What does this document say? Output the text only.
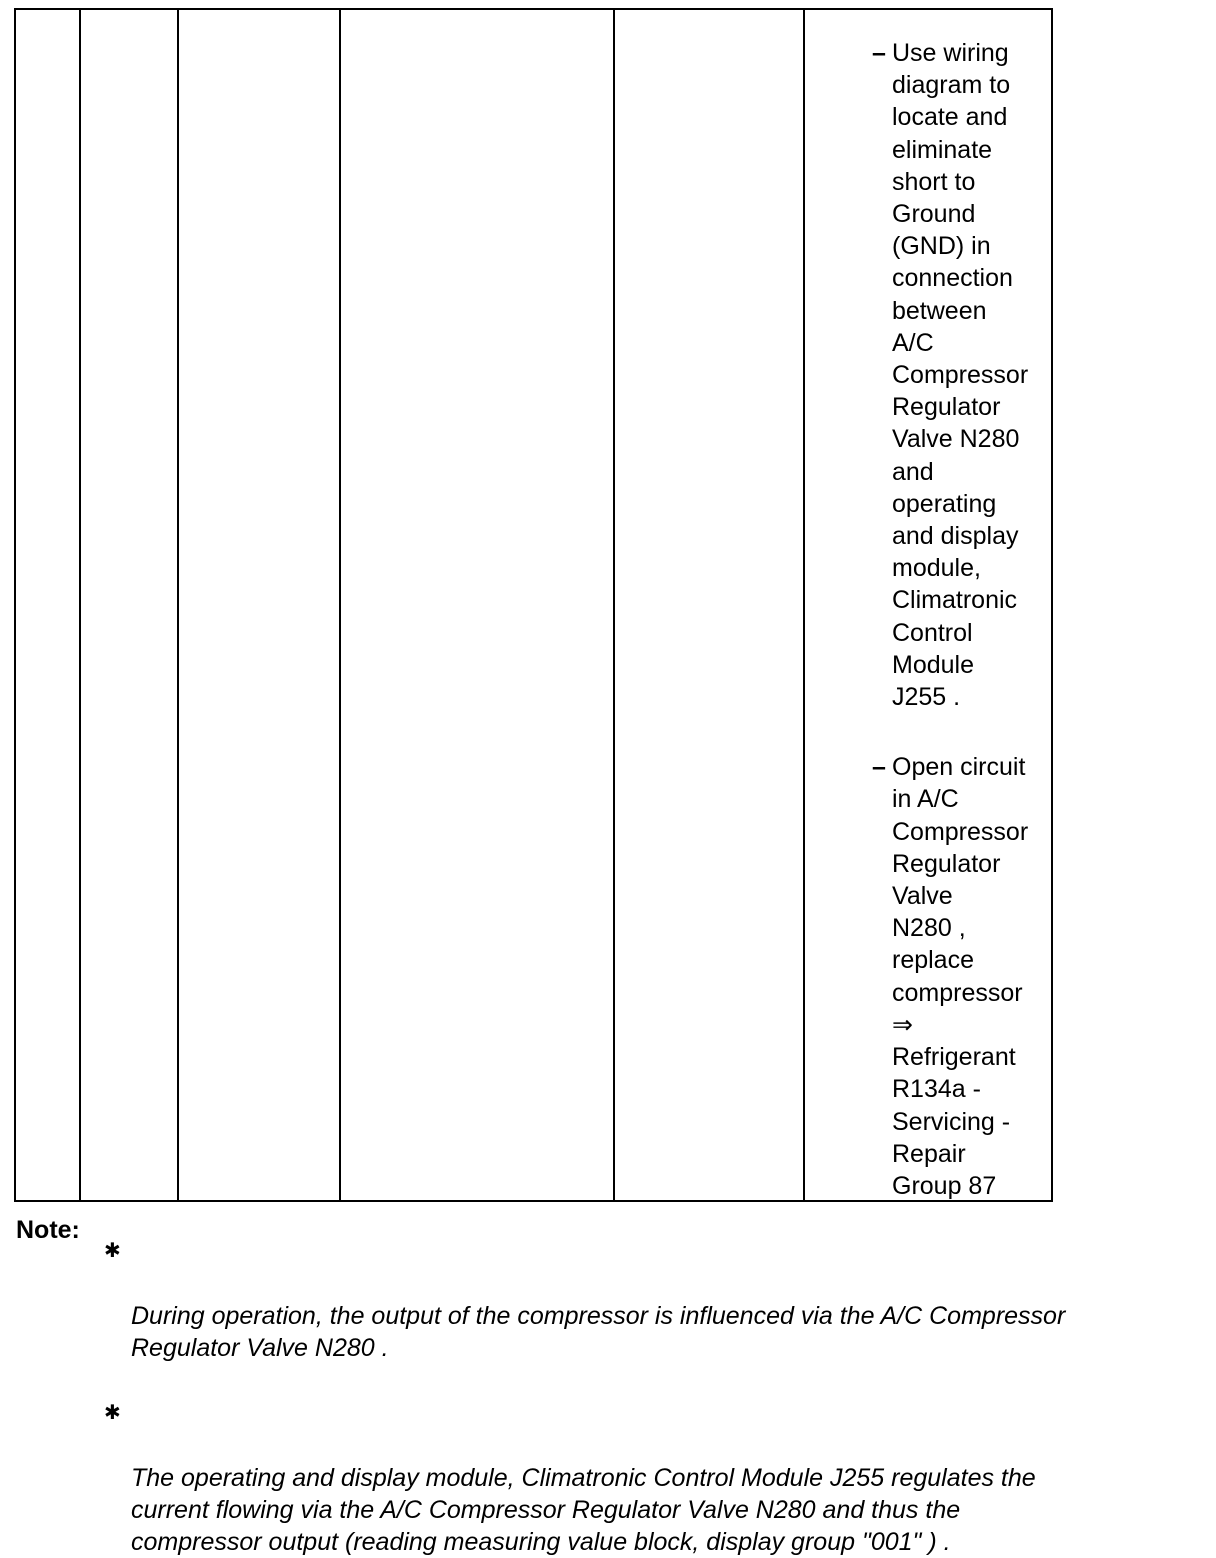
– Use wiring
diagram to
locate and
eliminate
short to
Ground
(GND) in
connection
between
A/C
Compressor
Regulator
Valve N280
and
operating
and display
module,
Climatronic
Control
Module
J255 .
– Open circuit
in A/C
Compressor
Regulator
Valve
N280 ,
replace
compressor
⇒
Refrigerant
R134a -
Servicing -
Repair
Group 87
Note:

✱

During operation, the output of the compressor is influenced via the A/C Compressor
Regulator Valve N280 .

✱

The operating and display module, Climatronic Control Module J255 regulates the
current flowing via the A/C Compressor Regulator Valve N280 and thus the
compressor output (reading measuring value block, display group "001" ) .
